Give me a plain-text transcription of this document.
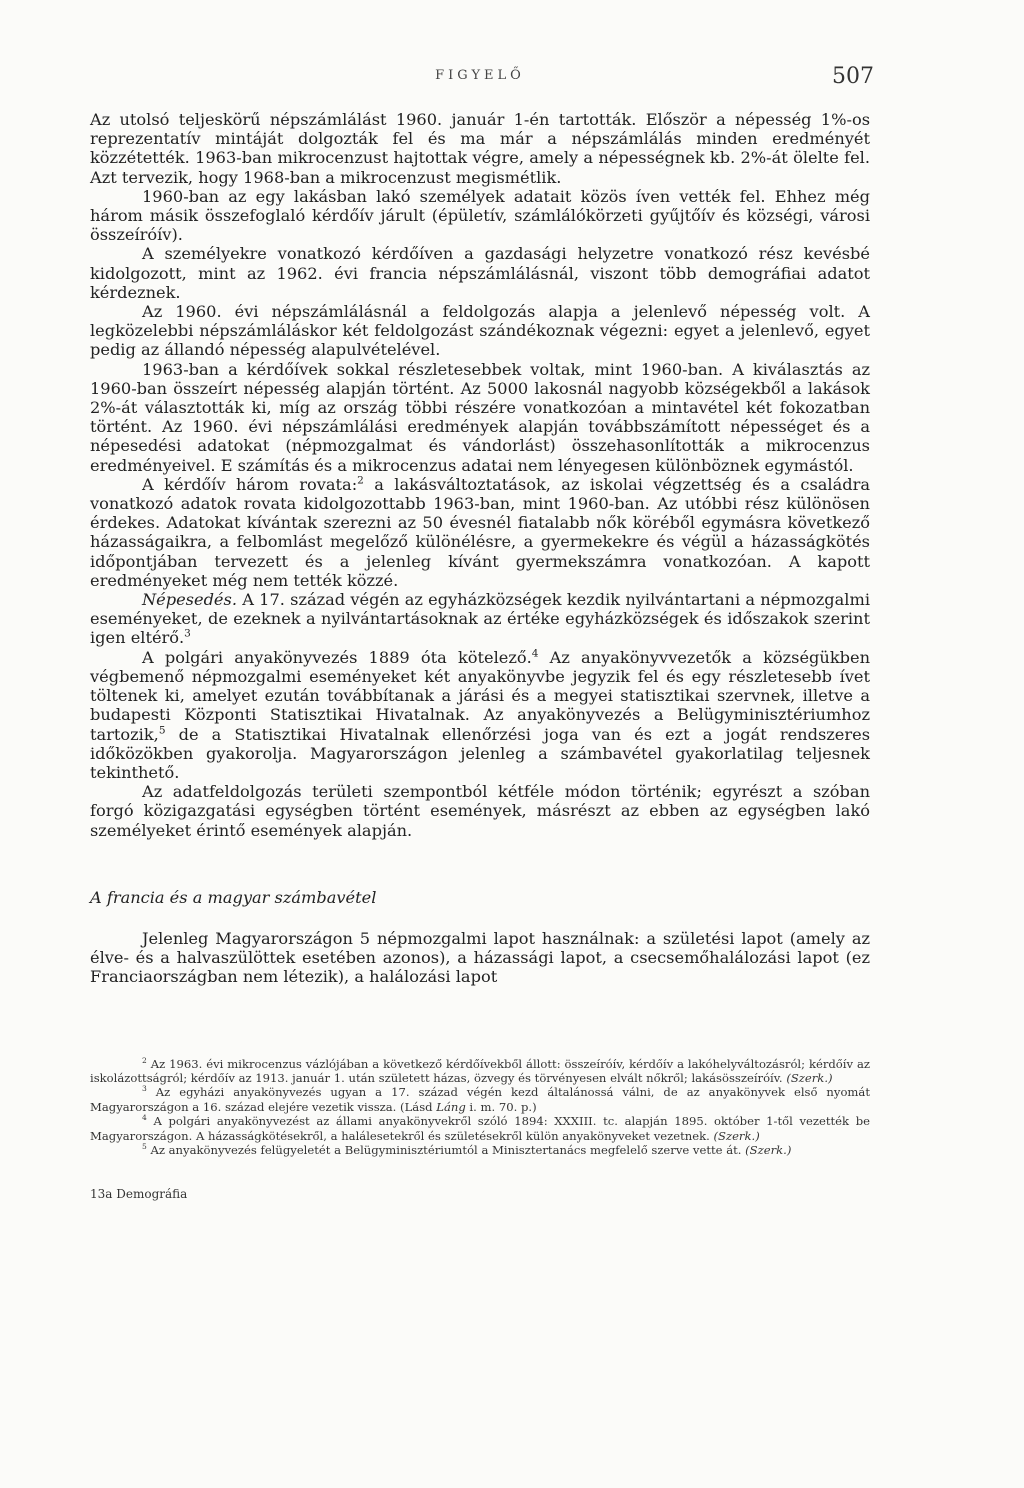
FIGYELŐ	507

Az utolsó teljeskörű népszámlálást 1960. január 1-én tartották. Először a népesség 1%-os reprezentatív mintáját dolgozták fel és ma már a népszámlálás minden eredményét közzétették. 1963-ban mikrocenzust hajtottak végre, amely a népességnek kb. 2%-át ölelte fel. Azt tervezik, hogy 1968-ban a mikrocenzust megismétlik.

1960-ban az egy lakásban lakó személyek adatait közös íven vették fel. Ehhez még három másik összefoglaló kérdőív járult (épületív, számlálókörzeti gyűjtőív és községi, városi összeíróív).

A személyekre vonatkozó kérdőíven a gazdasági helyzetre vonatkozó rész kevésbé kidolgozott, mint az 1962. évi francia népszámlálásnál, viszont több demográfiai adatot kérdeznek.

Az 1960. évi népszámlálásnál a feldolgozás alapja a jelenlevő népesség volt. A legközelebbi népszámláláskor két feldolgozást szándékoznak végezni: egyet a jelenlevő, egyet pedig az állandó népesség alapulvételével.

1963-ban a kérdőívek sokkal részletesebbek voltak, mint 1960-ban. A kiválasztás az 1960-ban összeírt népesség alapján történt. Az 5000 lakosnál nagyobb községekből a lakások 2%-át választották ki, míg az ország többi részére vonatkozóan a mintavétel két fokozatban történt. Az 1960. évi népszámlálási eredmények alapján továbbszámított népességet és a népesedési adatokat (népmozgalmat és vándorlást) összehasonlították a mikrocenzus eredményeivel. E számítás és a mikrocenzus adatai nem lényegesen különböznek egymástól.

A kérdőív három rovata:$^2$ a lakásváltoztatások, az iskolai végzettség és a családra vonatkozó adatok rovata kidolgozottabb 1963-ban, mint 1960-ban. Az utóbbi rész különösen érdekes. Adatokat kívántak szerezni az 50 évesnél fiatalabb nők köréből egymásra következő házasságaikra, a felbomlást megelőző különélésre, a gyermekekre és végül a házasságkötés időpontjában tervezett és a jelenleg kívánt gyermekszámra vonatkozóan. A kapott eredményeket még nem tették közzé.

Népesedés. A 17. század végén az egyházközségek kezdik nyilvántartani a népmozgalmi eseményeket, de ezeknek a nyilvántartásoknak az értéke egyházközségek és időszakok szerint igen eltérő.$^3$

A polgári anyakönyvezés 1889 óta kötelező.$^4$ Az anyakönyvvezetők a községükben végbemenő népmozgalmi eseményeket két anyakönyvbe jegyzik fel és egy részletesebb ívet töltenek ki, amelyet ezután továbbítanak a járási és a megyei statisztikai szervnek, illetve a budapesti Központi Statisztikai Hivatalnak. Az anyakönyvezés a Belügyminisztériumhoz tartozik,$^5$ de a Statisztikai Hivatalnak ellenőrzési joga van és ezt a jogát rendszeres időközökben gyakorolja. Magyarországon jelenleg a számbavétel gyakorlatilag teljesnek tekinthető.

Az adatfeldolgozás területi szempontból kétféle módon történik; egyrészt a szóban forgó közigazgatási egységben történt események, másrészt az ebben az egységben lakó személyeket érintő események alapján.

A francia és a magyar számbavétel

Jelenleg Magyarországon 5 népmozgalmi lapot használnak: a születési lapot (amely az élve- és a halvaszülöttek esetében azonos), a házassági lapot, a csecsemőhalálozási lapot (ez Franciaországban nem létezik), a halálozási lapot

$^2$ Az 1963. évi mikrocenzus vázlójában a következő kérdőívekből állott: összeíróív, kérdőív a lakóhelyváltozásról; kérdőív az iskolázottságról; kérdőív az 1913. január 1. után született házas, özvegy és törvényesen elvált nőkről; lakásösszeíróív. (Szerk.)

$^3$ Az egyházi anyakönyvezés ugyan a 17. század végén kezd általánossá válni, de az anyakönyvek első nyomát Magyarországon a 16. század elejére vezetik vissza. (Lásd Láng i. m. 70. p.)

$^4$ A polgári anyakönyvezést az állami anyakönyvekről szóló 1894: XXXIII. tc. alapján 1895. október 1-től vezették be Magyarországon. A házasságkötésekről, a halálesetekről és születésekről külön anyakönyveket vezetnek. (Szerk.)

$^5$ Az anyakönyvezés felügyeletét a Belügyminisztériumtól a Minisztertanács megfelelő szerve vette át. (Szerk.)

13a Demográfia
